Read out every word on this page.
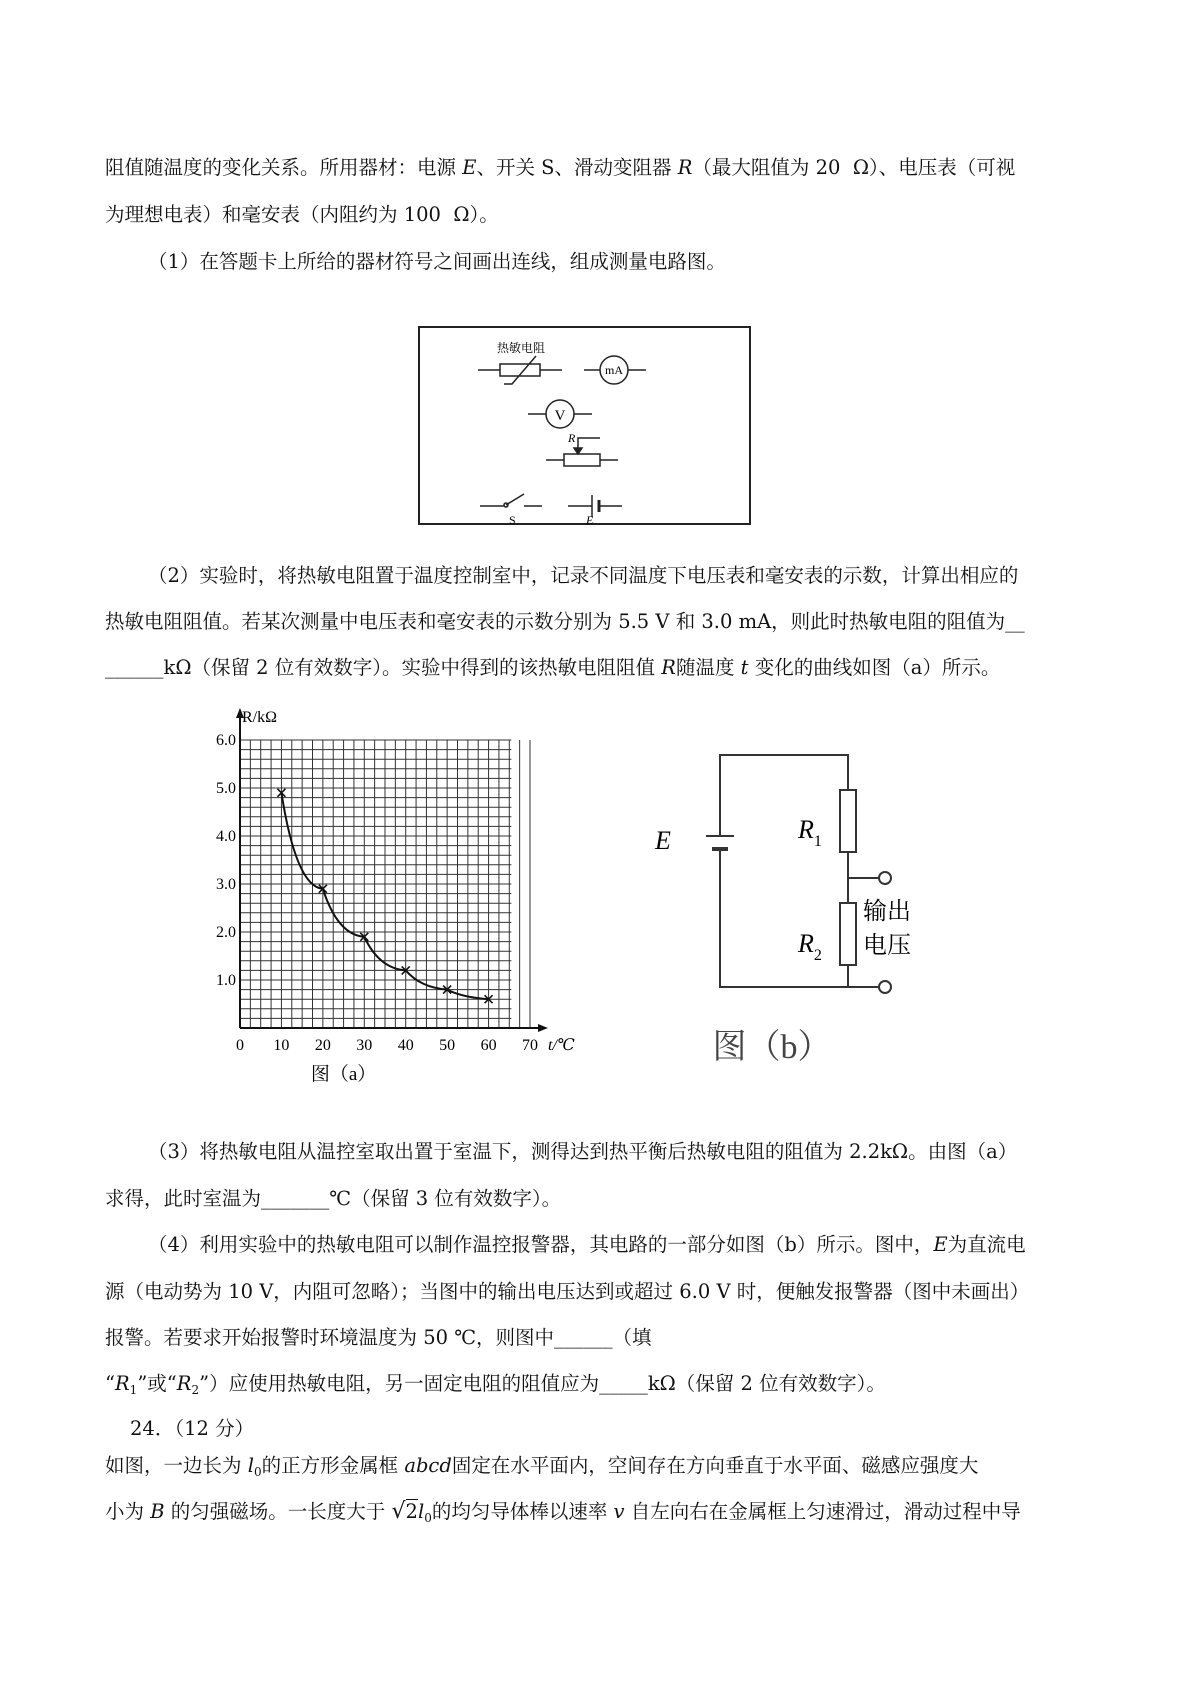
阻值随温度的变化关系。所用器材：电源 E、开关 S、滑动变阻器 R（最大阻值为 20  Ω）、电压表（可视
为理想电表）和毫安表（内阻约为 100  Ω）。
（1）在答题卡上所给的器材符号之间画出连线，组成测量电路图。
热敏电阻
mA
V
R
S	E
（2）实验时，将热敏电阻置于温度控制室中，记录不同温度下电压表和毫安表的示数，计算出相应的
热敏电阻阻值。若某次测量中电压表和毫安表的示数分别为 5.5 V 和 3.0 mA，则此时热敏电阻的阻值为__
______kΩ（保留 2 位有效数字）。实验中得到的该热敏电阻阻值 R随温度 t 变化的曲线如图（a）所示。
0 10 20 30 40 50 60 70
1.0
2.0
3.0
4.0
5.0
6.0
R/kΩ
t/℃
图（a）
E	$R_1$
$R_2$
输出
电压
图（b）
（3）将热敏电阻从温控室取出置于室温下，测得达到热平衡后热敏电阻的阻值为 2.2kΩ。由图（a）
求得，此时室温为_______℃（保留 3 位有效数字）。
（4）利用实验中的热敏电阻可以制作温控报警器，其电路的一部分如图（b）所示。图中，E为直流电
源（电动势为 10 V，内阻可忽略）；当图中的输出电压达到或超过 6.0 V 时，便触发报警器（图中未画出）
报警。若要求开始报警时环境温度为 50 ℃，则图中______（填
“$R_1$”或“$R_2$”）应使用热敏电阻，另一固定电阻的阻值应为_____kΩ（保留 2 位有效数字）。
24．（12 分）
如图，一边长为 $l_0$的正方形金属框 abcd固定在水平面内，空间存在方向垂直于水平面、磁感应强度大
小为 B 的匀强磁场。一长度大于 $√2l_0$的均匀导体棒以速率 v 自左向右在金属框上匀速滑过，滑动过程中导
